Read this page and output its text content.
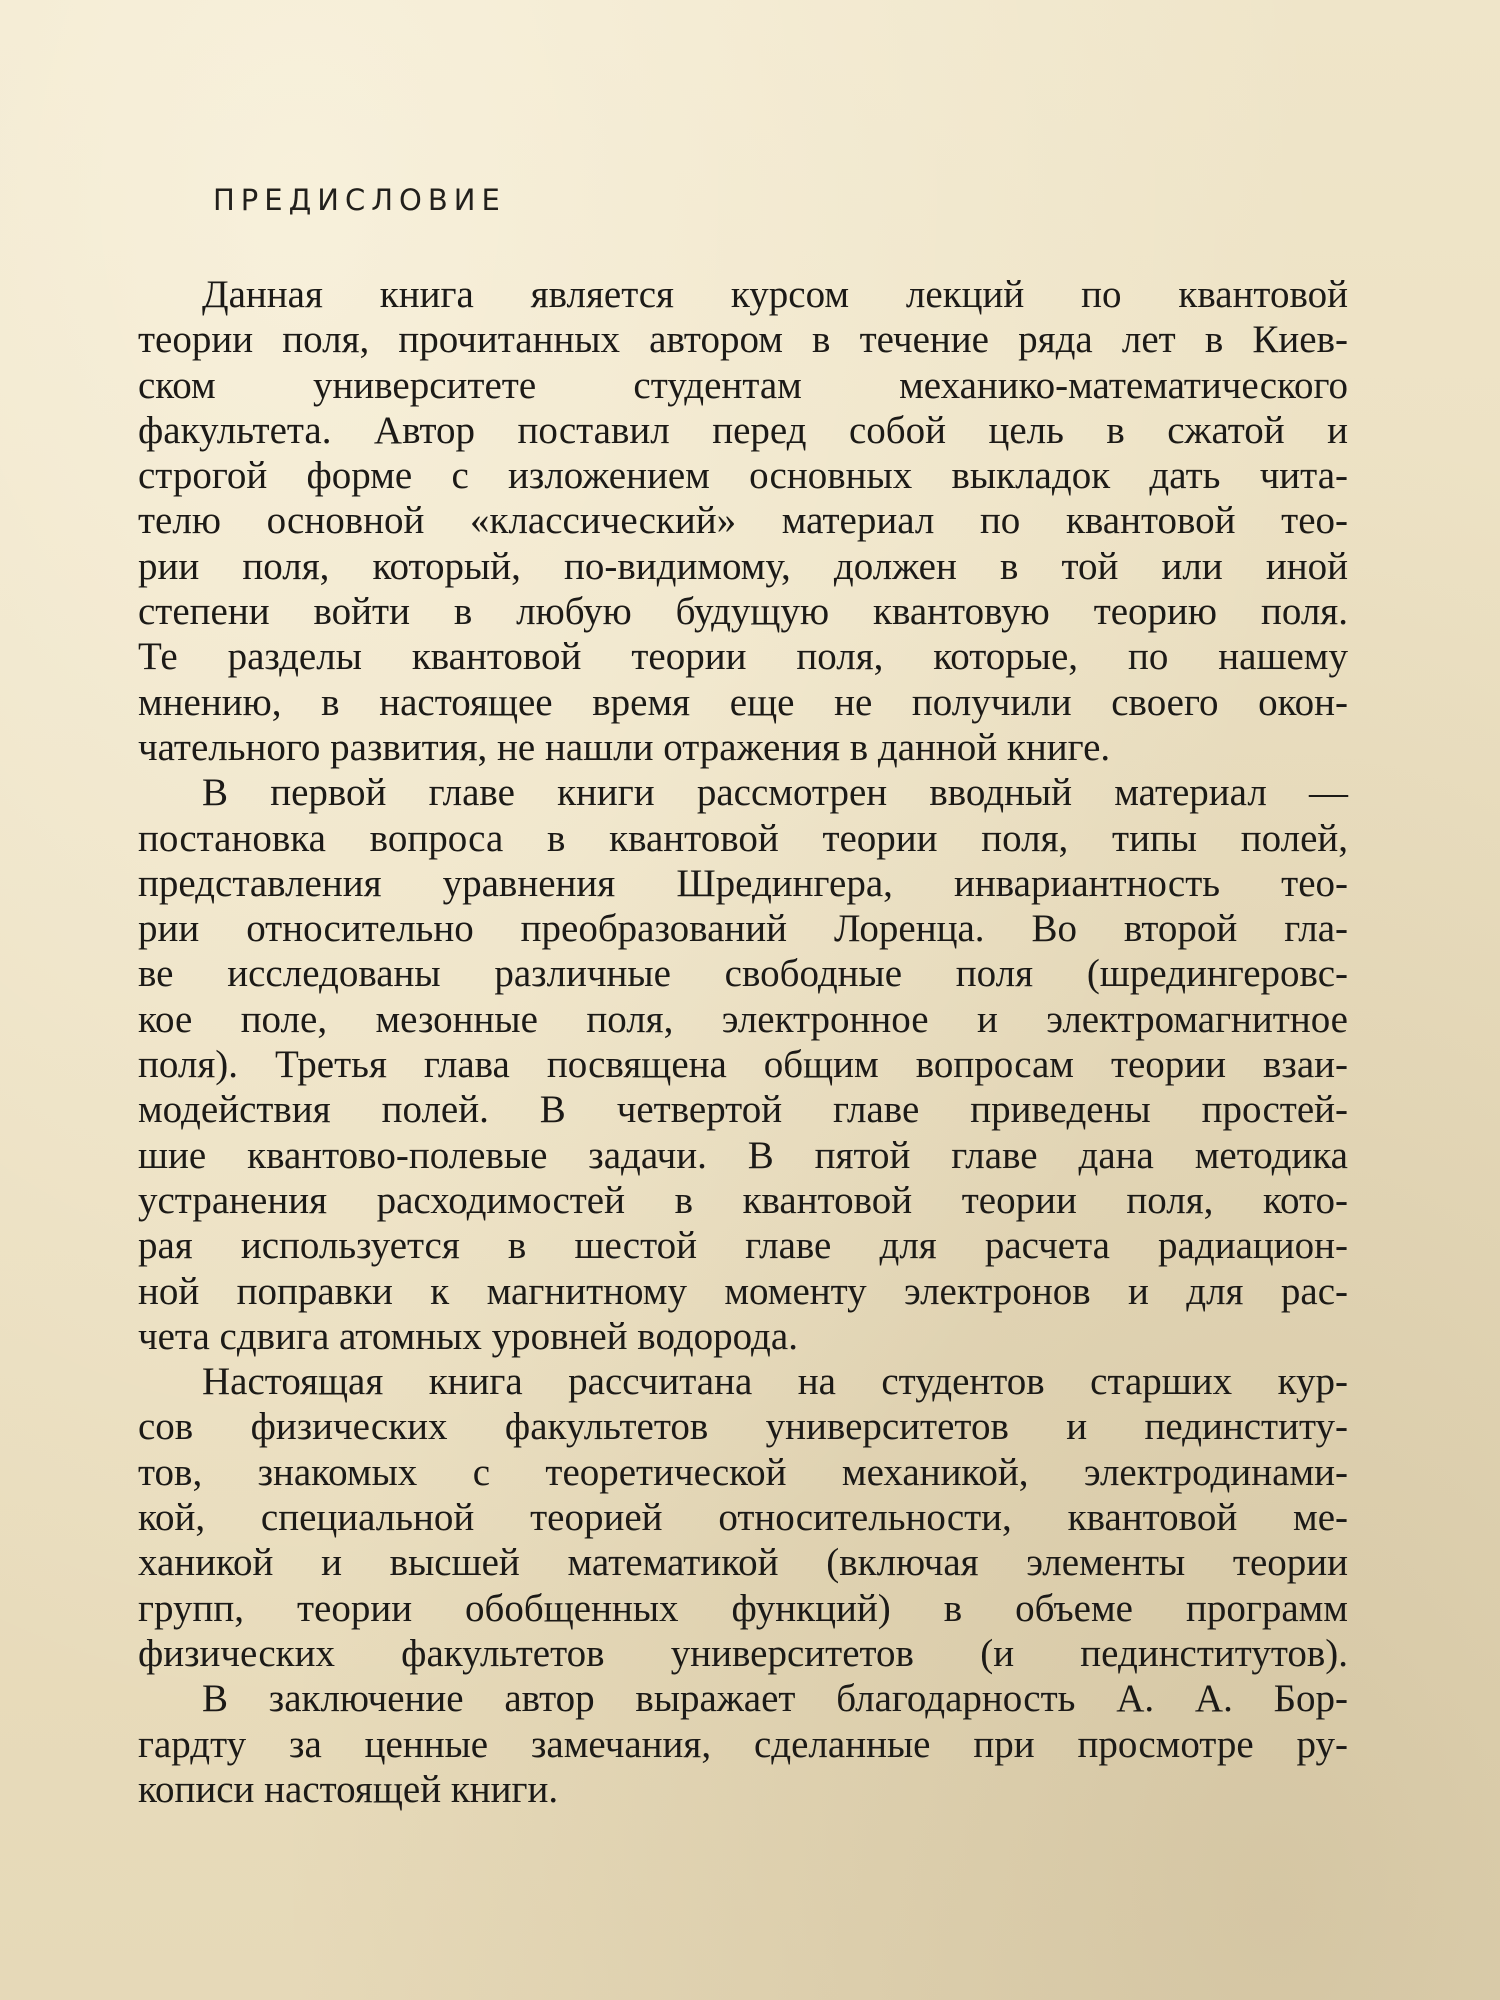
ПРЕДИСЛОВИЕ
Данная книга является курсом лекций по квантовой
теории поля, прочитанных автором в течение ряда лет в Киев-
ском университете студентам механико-математического
факультета. Автор поставил перед собой цель в сжатой и
строгой форме с изложением основных выкладок дать чита-
телю основной «классический» материал по квантовой тео-
рии поля, который, по-видимому, должен в той или иной
степени войти в любую будущую квантовую теорию поля.
Те разделы квантовой теории поля, которые, по нашему
мнению, в настоящее время еще не получили своего окон-
чательного развития, не нашли отражения в данной книге.
В первой главе книги рассмотрен вводный материал —
постановка вопроса в квантовой теории поля, типы полей,
представления уравнения Шредингера, инвариантность тео-
рии относительно преобразований Лоренца. Во второй гла-
ве исследованы различные свободные поля (шредингеровс-
кое поле, мезонные поля, электронное и электромагнитное
поля). Третья глава посвящена общим вопросам теории взаи-
модействия полей. В четвертой главе приведены простей-
шие квантово-полевые задачи. В пятой главе дана методика
устранения расходимостей в квантовой теории поля, кото-
рая используется в шестой главе для расчета радиацион-
ной поправки к магнитному моменту электронов и для рас-
чета сдвига атомных уровней водорода.
Настоящая книга рассчитана на студентов старших кур-
сов физических факультетов университетов и пединститу-
тов, знакомых с теоретической механикой, электродинами-
кой, специальной теорией относительности, квантовой ме-
ханикой и высшей математикой (включая элементы теории
групп, теории обобщенных функций) в объеме программ
физических факультетов университетов (и пединститутов).
В заключение автор выражает благодарность А. А. Бор-
гардту за ценные замечания, сделанные при просмотре ру-
кописи настоящей книги.
